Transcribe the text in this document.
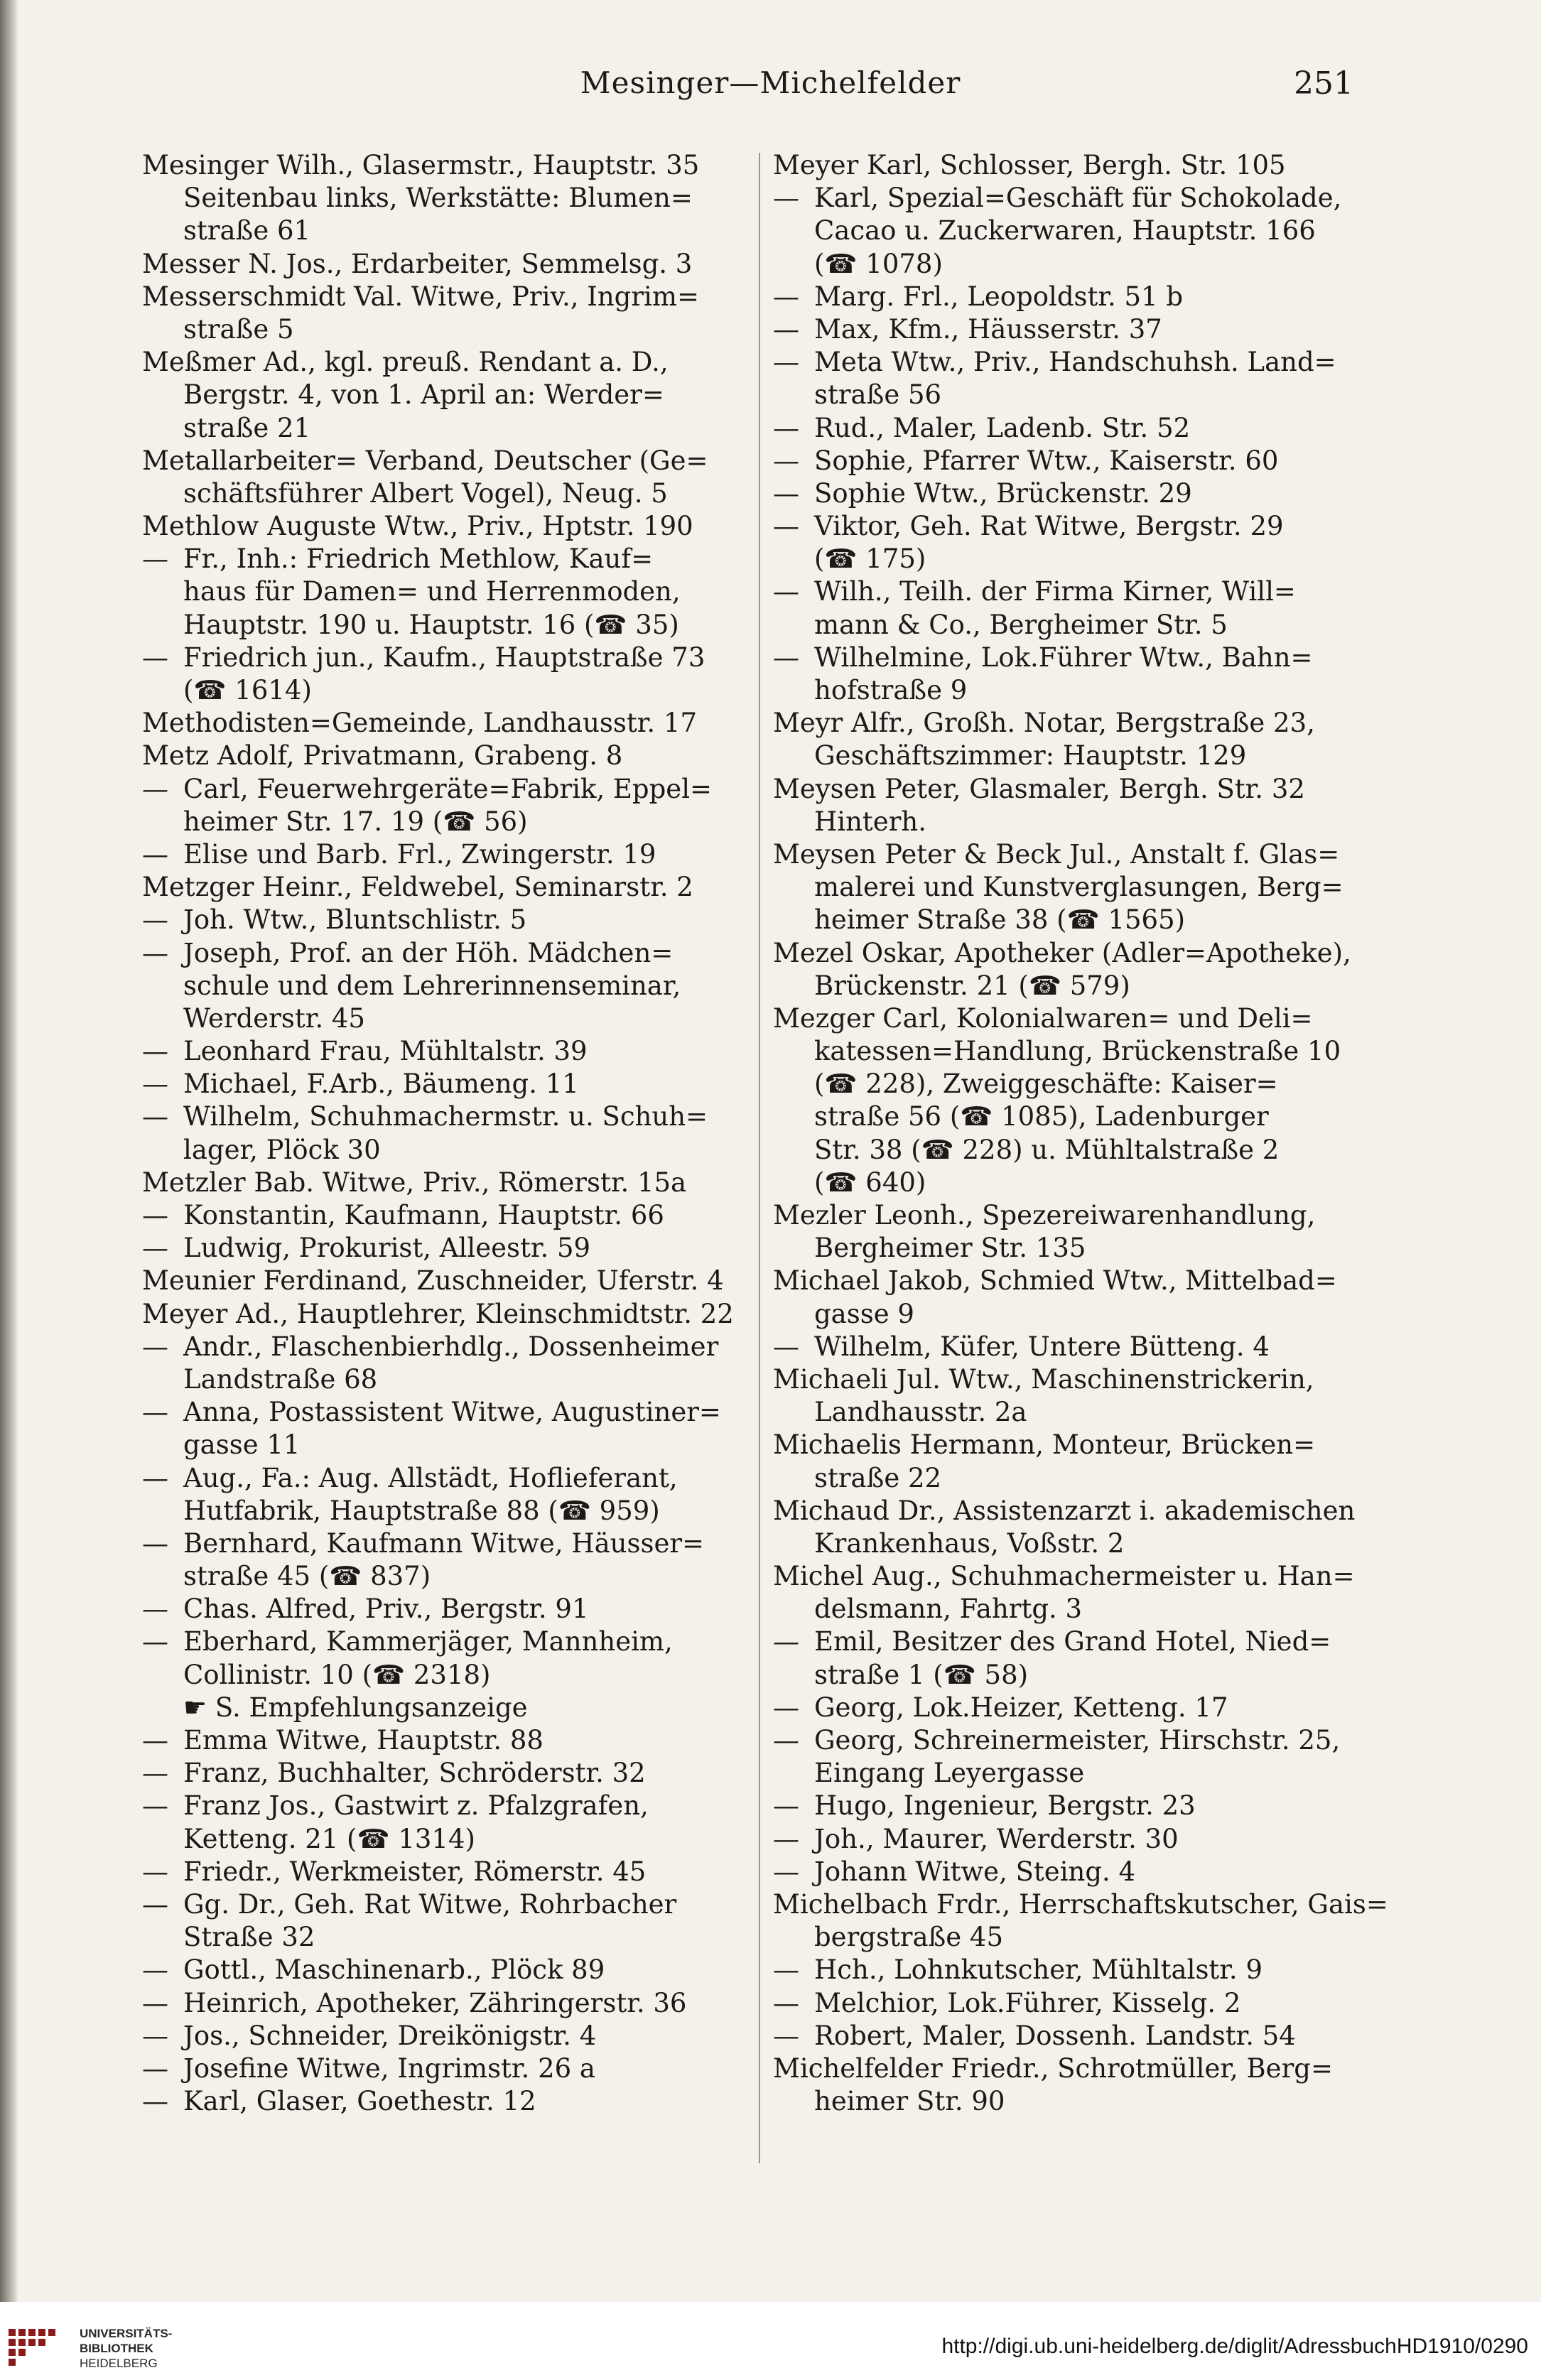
Mesinger—Michelfelder	251
Mesinger Wilh., Glasermstr., Hauptstr. 35
Seitenbau links, Werkstätte: Blumen=
straße 61
Messer N. Jos., Erdarbeiter, Semmelsg. 3
Messerschmidt Val. Witwe, Priv., Ingrim=
straße 5
Meßmer Ad., kgl. preuß. Rendant a. D.,
Bergstr. 4, von 1. April an: Werder=
straße 21
Metallarbeiter= Verband, Deutscher (Ge=
schäftsführer Albert Vogel), Neug. 5
Methlow Auguste Wtw., Priv., Hptstr. 190
— Fr., Inh.: Friedrich Methlow, Kauf=
haus für Damen= und Herrenmoden,
Hauptstr. 190 u. Hauptstr. 16 (☎ 35)
— Friedrich jun., Kaufm., Hauptstraße 73
(☎ 1614)
Methodisten=Gemeinde, Landhausstr. 17
Metz Adolf, Privatmann, Grabeng. 8
— Carl, Feuerwehrgeräte=Fabrik, Eppel=
heimer Str. 17. 19 (☎ 56)
— Elise und Barb. Frl., Zwingerstr. 19
Metzger Heinr., Feldwebel, Seminarstr. 2
— Joh. Wtw., Bluntschlistr. 5
— Joseph, Prof. an der Höh. Mädchen=
schule und dem Lehrerinnenseminar,
Werderstr. 45
— Leonhard Frau, Mühltalstr. 39
— Michael, F.Arb., Bäumeng. 11
— Wilhelm, Schuhmachermstr. u. Schuh=
lager, Plöck 30
Metzler Bab. Witwe, Priv., Römerstr. 15a
— Konstantin, Kaufmann, Hauptstr. 66
— Ludwig, Prokurist, Alleestr. 59
Meunier Ferdinand, Zuschneider, Uferstr. 4
Meyer Ad., Hauptlehrer, Kleinschmidtstr. 22
— Andr., Flaschenbierhdlg., Dossenheimer
Landstraße 68
— Anna, Postassistent Witwe, Augustiner=
gasse 11
— Aug., Fa.: Aug. Allstädt, Hoflieferant,
Hutfabrik, Hauptstraße 88 (☎ 959)
— Bernhard, Kaufmann Witwe, Häusser=
straße 45 (☎ 837)
— Chas. Alfred, Priv., Bergstr. 91
— Eberhard, Kammerjäger, Mannheim,
Collinistr. 10 (☎ 2318)
☛ S. Empfehlungsanzeige
— Emma Witwe, Hauptstr. 88
— Franz, Buchhalter, Schröderstr. 32
— Franz Jos., Gastwirt z. Pfalzgrafen,
Ketteng. 21 (☎ 1314)
— Friedr., Werkmeister, Römerstr. 45
— Gg. Dr., Geh. Rat Witwe, Rohrbacher
Straße 32
— Gottl., Maschinenarb., Plöck 89
— Heinrich, Apotheker, Zähringerstr. 36
— Jos., Schneider, Dreikönigstr. 4
— Josefine Witwe, Ingrimstr. 26 a
— Karl, Glaser, Goethestr. 12
Meyer Karl, Schlosser, Bergh. Str. 105
— Karl, Spezial=Geschäft für Schokolade,
Cacao u. Zuckerwaren, Hauptstr. 166
(☎ 1078)
— Marg. Frl., Leopoldstr. 51 b
— Max, Kfm., Häusserstr. 37
— Meta Wtw., Priv., Handschuhsh. Land=
straße 56
— Rud., Maler, Ladenb. Str. 52
— Sophie, Pfarrer Wtw., Kaiserstr. 60
— Sophie Wtw., Brückenstr. 29
— Viktor, Geh. Rat Witwe, Bergstr. 29
(☎ 175)
— Wilh., Teilh. der Firma Kirner, Will=
mann & Co., Bergheimer Str. 5
— Wilhelmine, Lok.Führer Wtw., Bahn=
hofstraße 9
Meyr Alfr., Großh. Notar, Bergstraße 23,
Geschäftszimmer: Hauptstr. 129
Meysen Peter, Glasmaler, Bergh. Str. 32
Hinterh.
Meysen Peter & Beck Jul., Anstalt f. Glas=
malerei und Kunstverglasungen, Berg=
heimer Straße 38 (☎ 1565)
Mezel Oskar, Apotheker (Adler=Apotheke),
Brückenstr. 21 (☎ 579)
Mezger Carl, Kolonialwaren= und Deli=
katessen=Handlung, Brückenstraße 10
(☎ 228), Zweiggeschäfte: Kaiser=
straße 56 (☎ 1085), Ladenburger
Str. 38 (☎ 228) u. Mühltalstraße 2
(☎ 640)
Mezler Leonh., Spezereiwarenhandlung,
Bergheimer Str. 135
Michael Jakob, Schmied Wtw., Mittelbad=
gasse 9
— Wilhelm, Küfer, Untere Bütteng. 4
Michaeli Jul. Wtw., Maschinenstrickerin,
Landhausstr. 2a
Michaelis Hermann, Monteur, Brücken=
straße 22
Michaud Dr., Assistenzarzt i. akademischen
Krankenhaus, Voßstr. 2
Michel Aug., Schuhmachermeister u. Han=
delsmann, Fahrtg. 3
— Emil, Besitzer des Grand Hotel, Nied=
straße 1 (☎ 58)
— Georg, Lok.Heizer, Ketteng. 17
— Georg, Schreinermeister, Hirschstr. 25,
Eingang Leyergasse
— Hugo, Ingenieur, Bergstr. 23
— Joh., Maurer, Werderstr. 30
— Johann Witwe, Steing. 4
Michelbach Frdr., Herrschaftskutscher, Gais=
bergstraße 45
— Hch., Lohnkutscher, Mühltalstr. 9
— Melchior, Lok.Führer, Kisselg. 2
— Robert, Maler, Dossenh. Landstr. 54
Michelfelder Friedr., Schrotmüller, Berg=
heimer Str. 90
UNIVERSITÄTS-
BIBLIOTHEK
HEIDELBERG
http://digi.ub.uni-heidelberg.de/diglit/AdressbuchHD1910/0290
